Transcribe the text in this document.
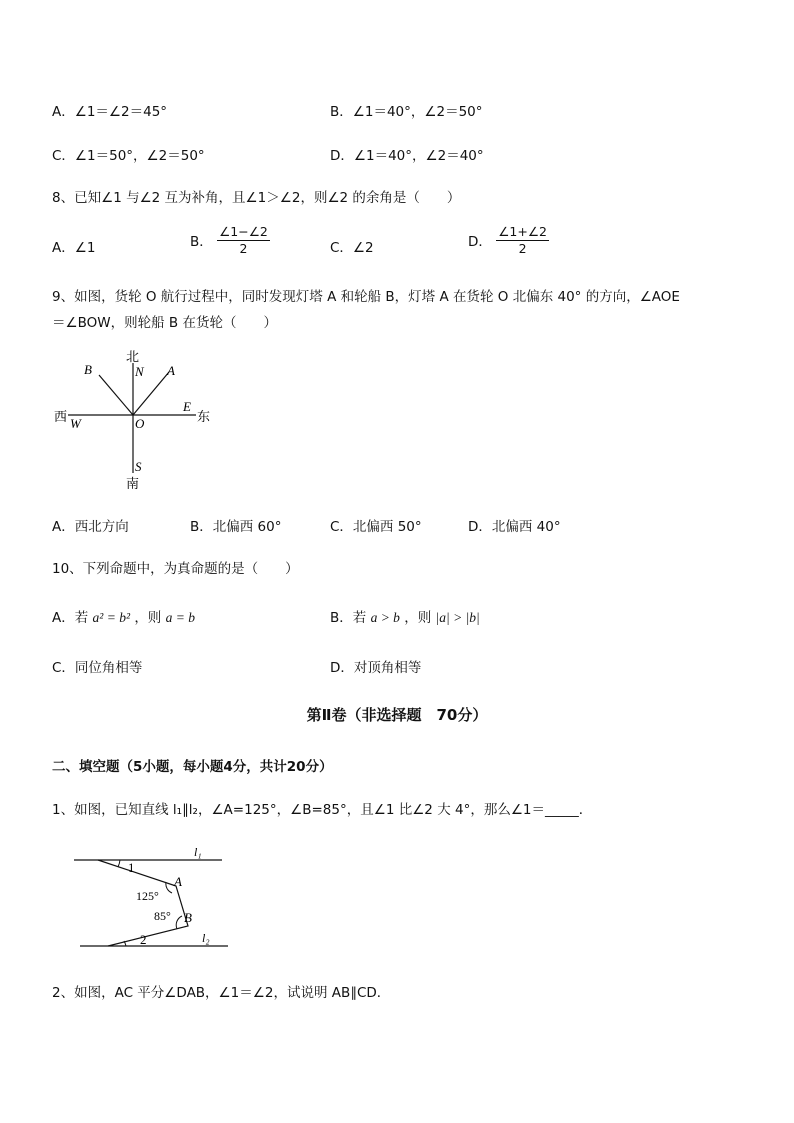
A．∠1＝∠2＝45°	B．∠1＝40°，∠2＝50°
C．∠1＝50°，∠2＝50°	D．∠1＝40°，∠2＝40°
8、已知∠1 与∠2 互为补角，且∠1＞∠2，则∠2 的余角是（　　）
A．∠1	B． $\frac{\angle 1-\angle 2}{2}$	C．∠2	D． $\frac{\angle 1+\angle 2}{2}$
9、如图，货轮 O 航行过程中，同时发现灯塔 A 和轮船 B，灯塔 A 在货轮 O 北偏东 40° 的方向，∠AOE
＝∠BOW，则轮船 B 在货轮（　　）
北
N A
B
西 W	O
E
东
S
南
A．西北方向	B．北偏西 60°	C．北偏西 50°	D．北偏西 40°
10、下列命题中，为真命题的是（　　）
A．若 a² = b² ，则 a = b	B．若 a > b ，则 |a| > |b|
C．同位角相等	D．对顶角相等
第Ⅱ卷（非选择题　70分）
二、填空题（5小题，每小题4分，共计20分）
1、如图，已知直线 l₁∥l₂，∠A=125°，∠B=85°，且∠1 比∠2 大 4°，那么∠1＝_____．
l₁
l₂
1
2
A
B
125°
85°
2、如图，AC 平分∠DAB，∠1＝∠2，试说明 AB∥CD．
